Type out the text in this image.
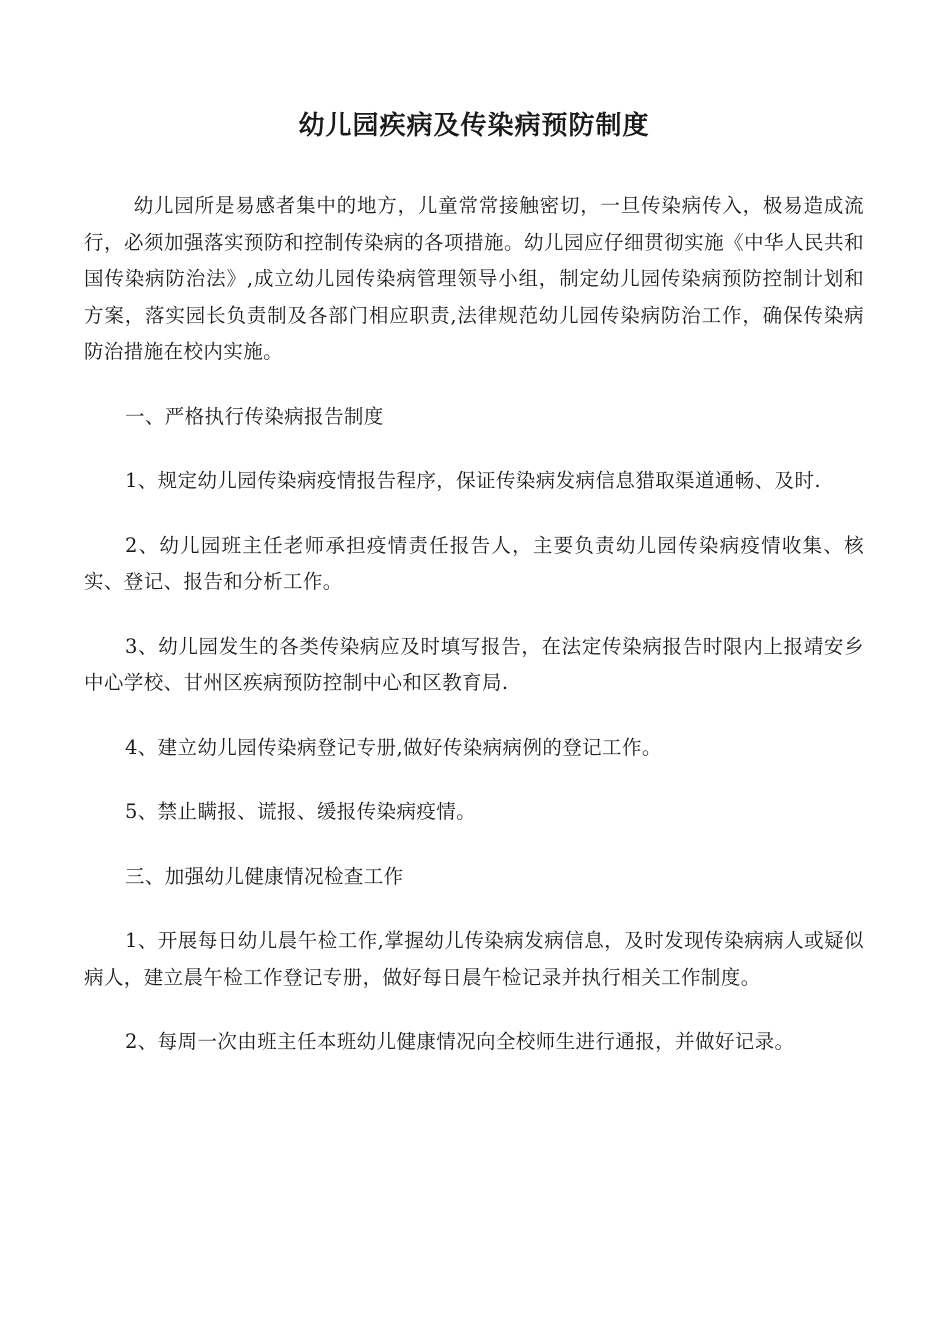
幼儿园疾病及传染病预防制度

幼儿园所是易感者集中的地方，儿童常常接触密切，一旦传染病传入，极易造成流行，必须加强落实预防和控制传染病的各项措施。幼儿园应仔细贯彻实施《中华人民共和国传染病防治法》,成立幼儿园传染病管理领导小组，制定幼儿园传染病预防控制计划和方案，落实园长负责制及各部门相应职责,法律规范幼儿园传染病防治工作，确保传染病防治措施在校内实施。

一、严格执行传染病报告制度

1、规定幼儿园传染病疫情报告程序，保证传染病发病信息猎取渠道通畅、及时.

2、幼儿园班主任老师承担疫情责任报告人，主要负责幼儿园传染病疫情收集、核实、登记、报告和分析工作。

3、幼儿园发生的各类传染病应及时填写报告，在法定传染病报告时限内上报靖安乡中心学校、甘州区疾病预防控制中心和区教育局.

4、建立幼儿园传染病登记专册,做好传染病病例的登记工作。

5、禁止瞒报、谎报、缓报传染病疫情。

三、加强幼儿健康情况检查工作

1、开展每日幼儿晨午检工作,掌握幼儿传染病发病信息，及时发现传染病病人或疑似病人，建立晨午检工作登记专册，做好每日晨午检记录并执行相关工作制度。

2、每周一次由班主任本班幼儿健康情况向全校师生进行通报，并做好记录。
